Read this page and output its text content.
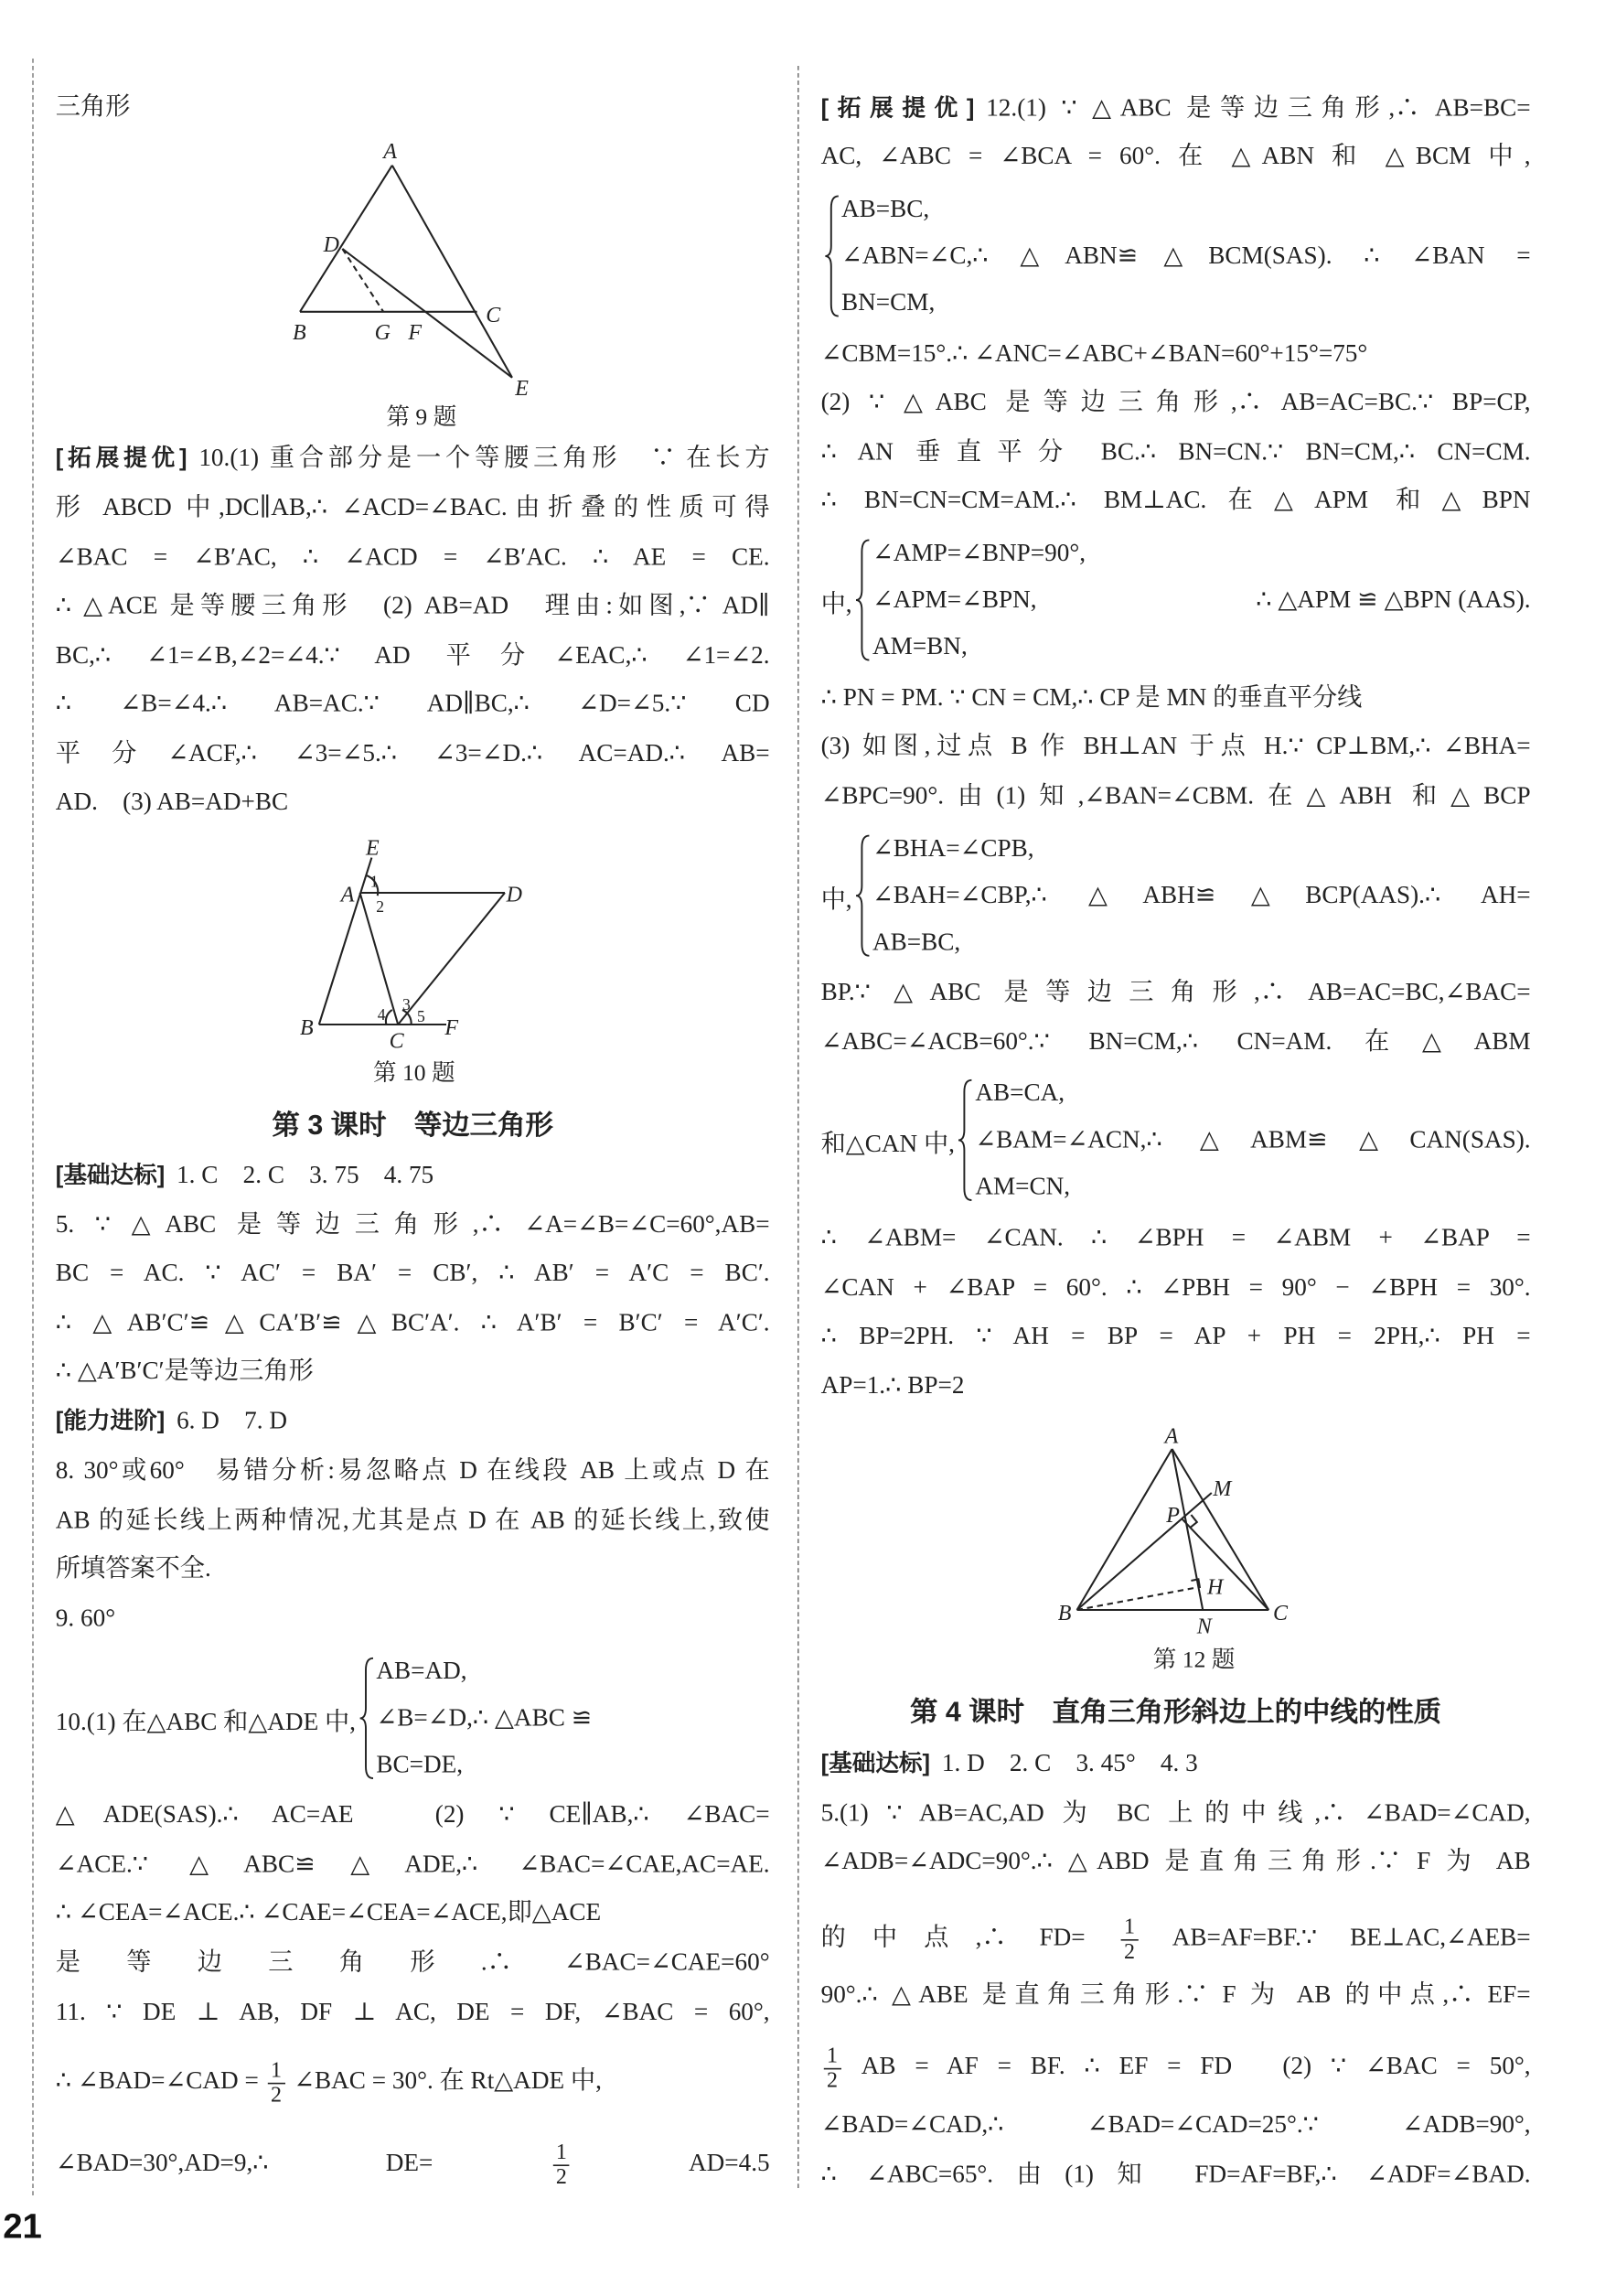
第 3 课时　等边三角形
第 9 题
第 10 题
三角形
[拓展提优] 10.(1) 重合部分是一个等腰三角形　∵ 在长方
形 ABCD 中,DC∥AB,∴ ∠ACD=∠BAC.由折叠的性质可得
∠BAC = ∠B′AC, ∴ ∠ACD = ∠B′AC. ∴ AE = CE.
∴ △ACE 是等腰三角形　(2) AB=AD　理由:如图,∵ AD∥
BC,∴ ∠1=∠B,∠2=∠4.∵ AD 平分∠EAC,∴ ∠1=∠2.
∴ ∠B=∠4.∴ AB=AC.∵ AD∥BC,∴ ∠D=∠5.∵ CD
平分∠ACF,∴ ∠3=∠5.∴ ∠3=∠D.∴ AC=AD.∴ AB=
AD.　(3) AB=AD+BC
[基础达标] 1. C　2. C　3. 75　4. 75
5. ∵ △ABC 是等边三角形,∴ ∠A=∠B=∠C=60°,AB=
BC = AC. ∵ AC′ = BA′ = CB′, ∴ AB′ = A′C = BC′.
∴ △AB′C′≌△CA′B′≌△BC′A′. ∴ A′B′ = B′C′ = A′C′.
∴ △A′B′C′是等边三角形
[能力进阶] 6. D　7. D
8. 30°或60°　易错分析:易忽略点 D 在线段 AB 上或点 D 在
AB 的延长线上两种情况,尤其是点 D 在 AB 的延长线上,致使
所填答案不全.
9. 60°
10.(1) 在△ABC 和△ADE 中,
AB=AD,
∠B=∠D,∴ △ABC ≌
BC=DE,
△ADE(SAS).∴ AC=AE　(2) ∵ CE∥AB,∴ ∠BAC=
∠ACE.∵ △ABC≌△ADE,∴ ∠BAC=∠CAE,AC=AE.
∴ ∠CEA=∠ACE.∴ ∠CAE=∠CEA=∠ACE,即△ACE
是等边三角形.∴ ∠BAC=∠CAE=60°
11. ∵ DE ⊥ AB, DF ⊥ AC, DE = DF, ∠BAC = 60°,
∴ ∠BAD=∠CAD = $\frac{1}{2}$ ∠BAC = 30°. 在 Rt△ADE 中,
∠BAD=30°,AD=9,∴ DE=	$\frac{1}{2}$	AD=4.5
第 4 课时　直角三角形斜边上的中线的性质
第 12 题
[拓展提优] 12.(1) ∵ △ABC 是等边三角形,∴ AB=BC=
AC, ∠ABC = ∠BCA = 60°. 在 △ABN 和 △BCM 中,
AB=BC,
∠ABN=∠C,∴ △ABN≌△BCM(SAS). ∴ ∠BAN =
BN=CM,
∠CBM=15°.∴ ∠ANC=∠ABC+∠BAN=60°+15°=75°
(2) ∵ △ABC 是等边三角形,∴ AB=AC=BC.∵ BP=CP,
∴ AN 垂直平分 BC.∴ BN=CN.∵ BN=CM,∴ CN=CM.
∴ BN=CN=CM=AM.∴ BM⊥AC.在△APM 和△BPN
中,
∠AMP=∠BNP=90°,
∠APM=∠BPN,
AM=BN,
∴ △APM ≌ △BPN (AAS).
∴ PN = PM. ∵ CN = CM,∴ CP 是 MN 的垂直平分线
(3) 如图,过点 B 作 BH⊥AN 于点 H.∵ CP⊥BM,∴ ∠BHA=
∠BPC=90°.由(1)知,∠BAN=∠CBM.在△ABH 和△BCP
中,
∠BHA=∠CPB,
∠BAH=∠CBP,∴ △ABH≌△BCP(AAS).∴ AH=
AB=BC,
BP.∵ △ABC 是等边三角形,∴ AB=AC=BC,∠BAC=
∠ABC=∠ACB=60°.∵ BN=CM,∴ CN=AM.在△ABM
和△CAN 中,
AB=CA,
∠BAM=∠ACN,∴ △ABM≌△CAN(SAS).
AM=CN,
∴ ∠ABM= ∠CAN. ∴ ∠BPH = ∠ABM + ∠BAP =
∠CAN + ∠BAP = 60°. ∴ ∠PBH = 90° − ∠BPH = 30°.
∴ BP=2PH. ∵ AH = BP = AP + PH = 2PH,∴ PH =
AP=1.∴ BP=2
[基础达标] 1. D　2. C　3. 45°　4. 3
5.(1) ∵ AB=AC,AD 为 BC 上的中线,∴ ∠BAD=∠CAD,
∠ADB=∠ADC=90°.∴ △ABD 是直角三角形.∵ F 为 AB
的中点,∴ FD=	$\frac{1}{2}$ AB=AF=BF.∵ BE⊥AC,∠AEB=
90°.∴ △ABE 是直角三角形.∵ F 为 AB 的中点,∴ EF=
$\frac{1}{2}$ AB = AF = BF. ∴ EF = FD　(2) ∵ ∠BAC = 50°,
∠BAD=∠CAD,∴ ∠BAD=∠CAD=25°.∵ ∠ADB=90°,
∴ ∠ABC=65°.由(1)知 FD=AF=BF,∴ ∠ADF=∠BAD.
A
D
B	G F
C
E
E
A	D
B
C
F
1
2
3
4	5
A
M
P
H
B
N
C
21
